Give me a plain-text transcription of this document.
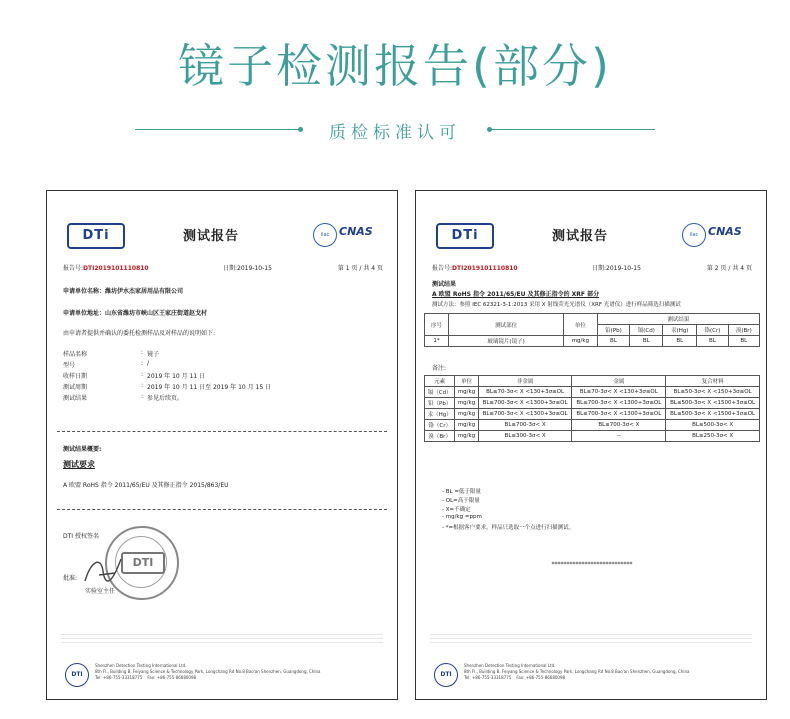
镜子检测报告(部分)
质检标准认可
DTi	测试报告	ilac CNAS
报告号:DTI2019101110810	日期:2019-10-15	第 1 页 / 共 4 页
申请单位名称：潍坊伊水杰家居用品有限公司
申请单位地址：山东省潍坊市峡山区王家庄街道赵戈村
由申请者提供并确认的委托检测样品及对样品的说明如下:
样品名称	: 镜子
型号	: /
收样日期	: 2019 年 10 月 11 日
测试周期	: 2019 年 10 月 11 日至 2019 年 10 月 15 日
测试结果	: 参见后续页。
测试结果概要:
测试要求
A 欧盟 RoHS 指令 2011/65/EU 及其修正指令 2015/863/EU
DTI 授权签名
DTI
批准:
实验室主任
DTI
Shenzhen Detection Testing International Ltd.
8th Fl., Building B, Feiyang Science & Technology Park, Longchang Rd No.8 Bao'an Shenzhen, Guangdong, China
Tel: +86-755-33318775 Fax: +86-755-86680098
DTi	测试报告	ilac CNAS
报告号:DTI2019101110810	日期:2019-10-15	第 2 页 / 共 4 页
测试结果
A 欧盟 RoHS 指令 2011/65/EU 及其修正指令的 XRF 部分
测试方法：参照 IEC 62321-3-1:2013 采用 X 射线荧光光谱仪（XRF 光谱仪）进行样品筛选扫描测试
序号	测试部位	单位	测试结果				
			铅(Pb)	镉(Cd)	汞(Hg)	铬(Cr)	溴(Br)
1*	玻璃镜片(镜子)	mg/kg	BL	BL	BL	BL	BL
备注:
元素	单位	非金属	金属	复合材料
镉（Cd）	mg/kg	BL≤70-3σ< X <130+3σ≤OL	BL≤70-3σ< X <130+3σ≤OL	BL≤50-3σ< X <150+3σ≤OL
铅（Pb）	mg/kg	BL≤700-3σ< X <1300+3σ≤OL	BL≤700-3σ< X <1300+3σ≤OL	BL≤500-3σ< X <1500+3σ≤OL
汞（Hg）	mg/kg	BL≤700-3σ< X <1300+3σ≤OL	BL≤700-3σ< X <1300+3σ≤OL	BL≤500-3σ< X <1500+3σ≤OL
铬（Cr）	mg/kg	BL≤700-3σ< X	BL≤700-3σ< X	BL≤500-3σ< X
溴（Br）	mg/kg	BL≤300-3σ< X	--	BL≤250-3σ< X
- BL =低于限量
- OL=高于限量
- X=不确定
- mg/kg =ppm
- *=根据客户要求，样品只选取一个点进行扫描测试。
***************************
DTI
Shenzhen Detection Testing International Ltd.
8th Fl., Building B, Feiyang Science & Technology Park, Longchang Rd No.8 Bao'an Shenzhen, Guangdong, China
Tel: +86-755-33318775 Fax: +86-755-86680098
